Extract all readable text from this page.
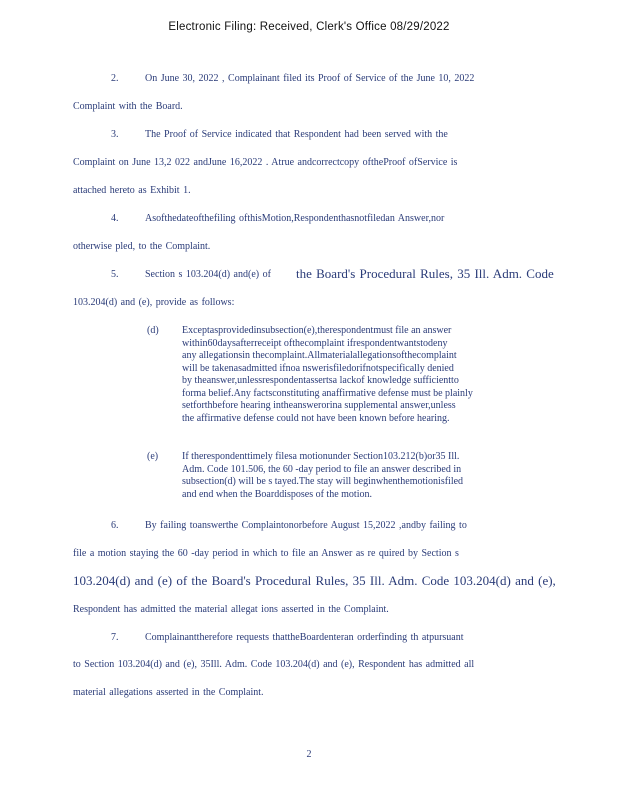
Electronic Filing: Received, Clerk's Office 08/29/2022
2.	On June 30, 2022 , Complainant filed its Proof of Service of the June 10, 2022
Complaint with the Board.
3.	The Proof of Service indicated that Respondent had been served with the
Complaint on June 13,2 022 andJune 16,2022 . Atrue andcorrectcopy oftheProof ofService is
attached hereto as Exhibit 1.
4.	Asofthedateofthefiling ofthisMotion,Respondenthasnotfiledan Answer,nor
otherwise pled, to the Complaint.
5.	Section s 103.204(d) and(e) of the Board's Procedural Rules, 35 Ill. Adm. Code
103.204(d) and (e), provide as follows:
(d) Exceptasprovidedinsubsection(e),therespondentmust file an answer
within60daysafterreceipt ofthecomplaint ifrespondentwantstodeny
any allegationsin thecomplaint.Allmaterialallegationsofthecomplaint
will be takenasadmitted ifnoa nswerisfiledorifnotspecifically denied
by theanswer,unlessrespondentassertsa lackof knowledge sufficientto
forma belief.Any factsconstituting anaffirmative defense must be plainly
setforthbefore hearing intheanswerorina supplemental answer,unless
the affirmative defense could not have been known before hearing.
(e) If therespondenttimely filesa motionunder Section103.212(b)or35 Ill.
Adm. Code 101.506, the 60 -day period to file an answer described in
subsection(d) will be s tayed.The stay will beginwhenthemotionisfiled
and end when the Boarddisposes of the motion.
6.	By failing toanswerthe Complaintonorbefore August 15,2022 ,andby failing to
file a motion staying the 60 -day period in which to file an Answer as re quired by Section s
103.204(d) and (e) of the Board's Procedural Rules, 35 Ill. Adm. Code 103.204(d) and (e),
Respondent has admitted the material allegat ions asserted in the Complaint.
7.	Complainanttherefore requests thattheBoardenteran orderfinding th atpursuant
to Section 103.204(d) and (e), 35Ill. Adm. Code 103.204(d) and (e), Respondent has admitted all
material allegations asserted in the Complaint.
2
